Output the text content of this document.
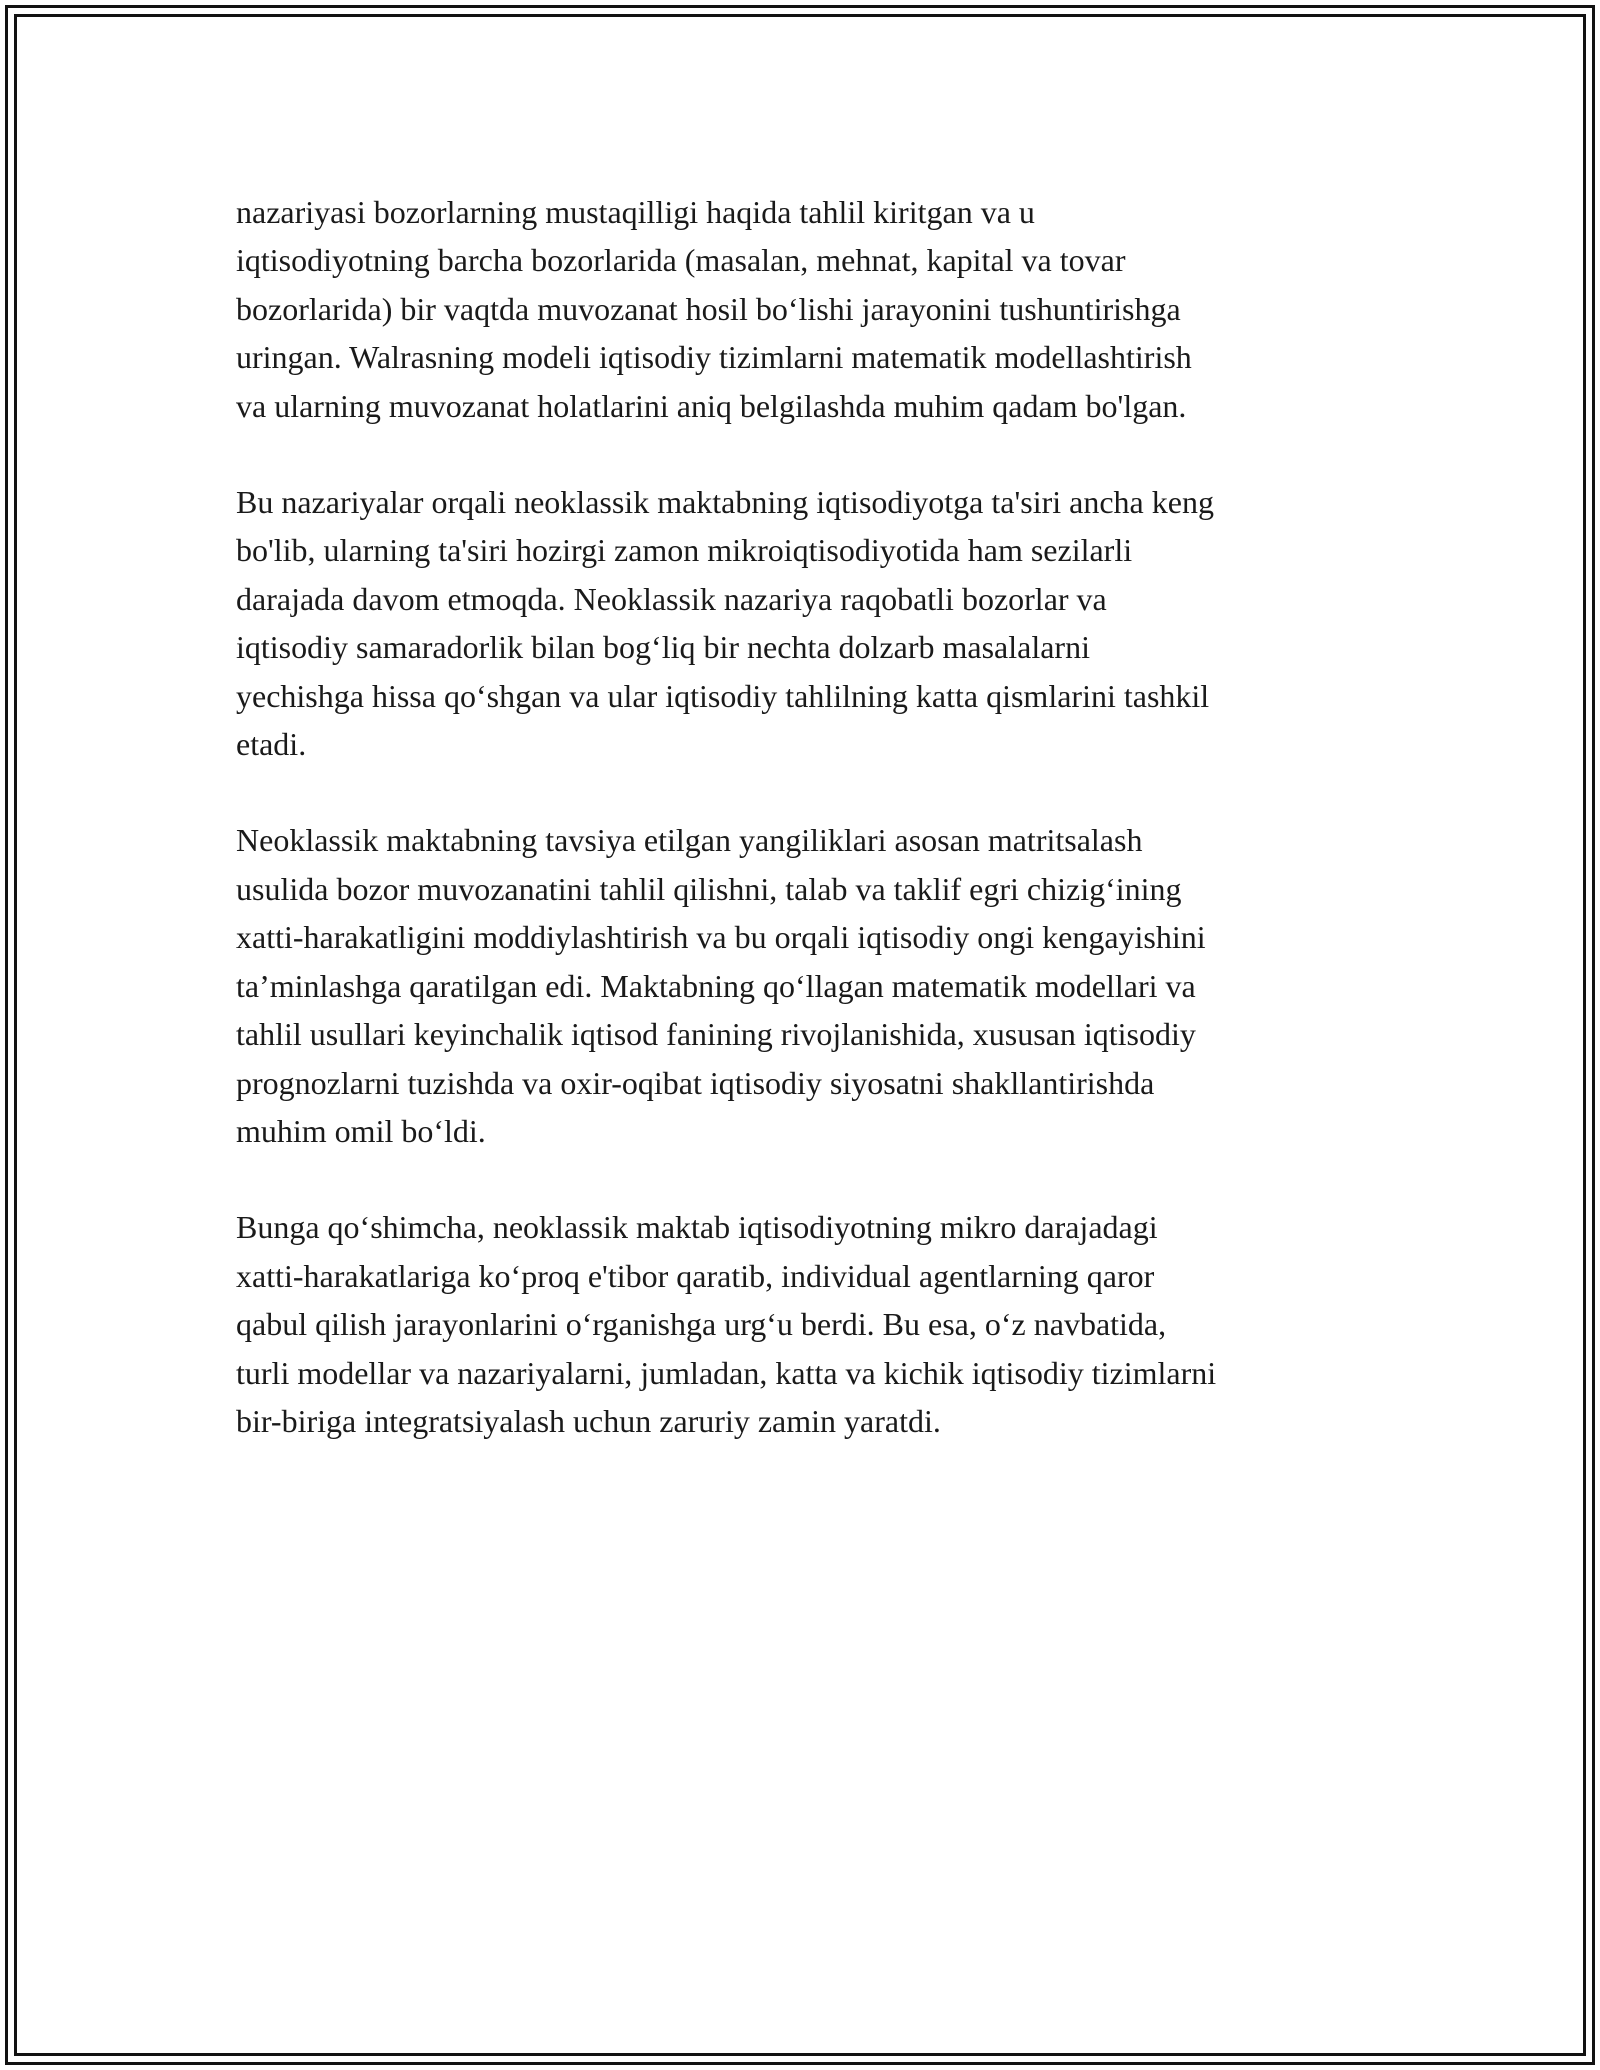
nazariyasi bozorlarning mustaqilligi haqida tahlil kiritgan va u
iqtisodiyotning barcha bozorlarida (masalan, mehnat, kapital va tovar
bozorlarida) bir vaqtda muvozanat hosil bo‘lishi jarayonini tushuntirishga
uringan. Walrasning modeli iqtisodiy tizimlarni matematik modellashtirish
va ularning muvozanat holatlarini aniq belgilashda muhim qadam bo'lgan.

Bu nazariyalar orqali neoklassik maktabning iqtisodiyotga ta'siri ancha keng
bo'lib, ularning ta'siri hozirgi zamon mikroiqtisodiyotida ham sezilarli
darajada davom etmoqda. Neoklassik nazariya raqobatli bozorlar va
iqtisodiy samaradorlik bilan bog‘liq bir nechta dolzarb masalalarni
yechishga hissa qo‘shgan va ular iqtisodiy tahlilning katta qismlarini tashkil
etadi.

Neoklassik maktabning tavsiya etilgan yangiliklari asosan matritsalash
usulida bozor muvozanatini tahlil qilishni, talab va taklif egri chizig‘ining
xatti-harakatligini moddiylashtirish va bu orqali iqtisodiy ongi kengayishini
ta’minlashga qaratilgan edi. Maktabning qo‘llagan matematik modellari va
tahlil usullari keyinchalik iqtisod fanining rivojlanishida, xususan iqtisodiy
prognozlarni tuzishda va oxir-oqibat iqtisodiy siyosatni shakllantirishda
muhim omil bo‘ldi.

Bunga qo‘shimcha, neoklassik maktab iqtisodiyotning mikro darajadagi
xatti-harakatlariga ko‘proq e'tibor qaratib, individual agentlarning qaror
qabul qilish jarayonlarini o‘rganishga urg‘u berdi. Bu esa, o‘z navbatida,
turli modellar va nazariyalarni, jumladan, katta va kichik iqtisodiy tizimlarni
bir-biriga integratsiyalash uchun zaruriy zamin yaratdi.
